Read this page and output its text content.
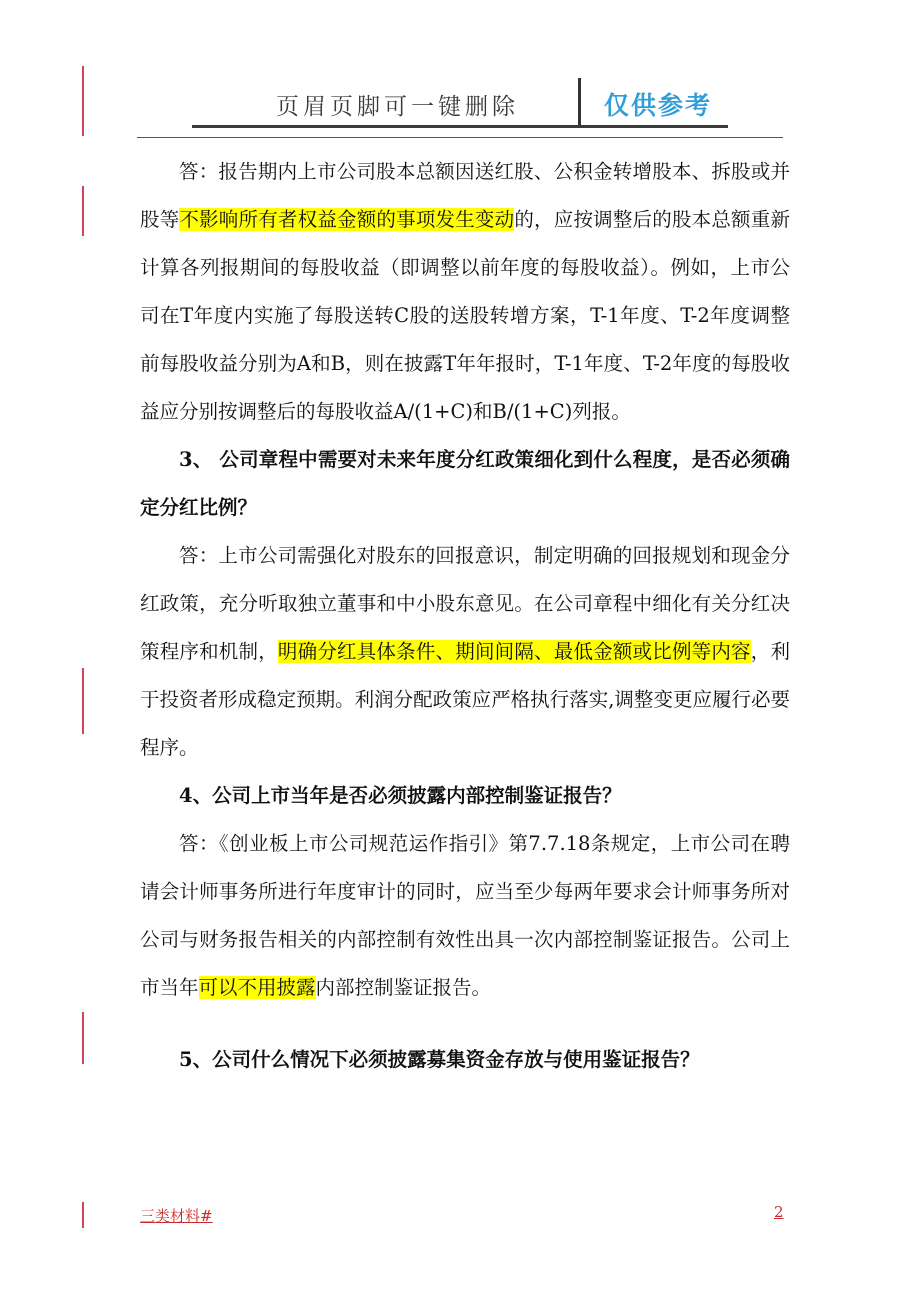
页眉页脚可一键删除	仅供参考

答：报告期内上市公司股本总额因送红股、公积金转增股本、拆股或并股等不影响所有者权益金额的事项发生变动的，应按调整后的股本总额重新计算各列报期间的每股收益（即调整以前年度的每股收益）。例如，上市公司在T年度内实施了每股送转C股的送股转增方案，T-1年度、T-2年度调整前每股收益分别为A和B，则在披露T年年报时，T-1年度、T-2年度的每股收益应分别按调整后的每股收益A/(1+C)和B/(1+C)列报。

3、 公司章程中需要对未来年度分红政策细化到什么程度，是否必须确定分红比例？

答：上市公司需强化对股东的回报意识，制定明确的回报规划和现金分红政策，充分听取独立董事和中小股东意见。在公司章程中细化有关分红决策程序和机制，明确分红具体条件、期间间隔、最低金额或比例等内容，利于投资者形成稳定预期。利润分配政策应严格执行落实,调整变更应履行必要程序。

4、公司上市当年是否必须披露内部控制鉴证报告？

答：《创业板上市公司规范运作指引》第7.7.18条规定，上市公司在聘请会计师事务所进行年度审计的同时，应当至少每两年要求会计师事务所对公司与财务报告相关的内部控制有效性出具一次内部控制鉴证报告。公司上市当年可以不用披露内部控制鉴证报告。

5、公司什么情况下必须披露募集资金存放与使用鉴证报告？

三类材料#	2
